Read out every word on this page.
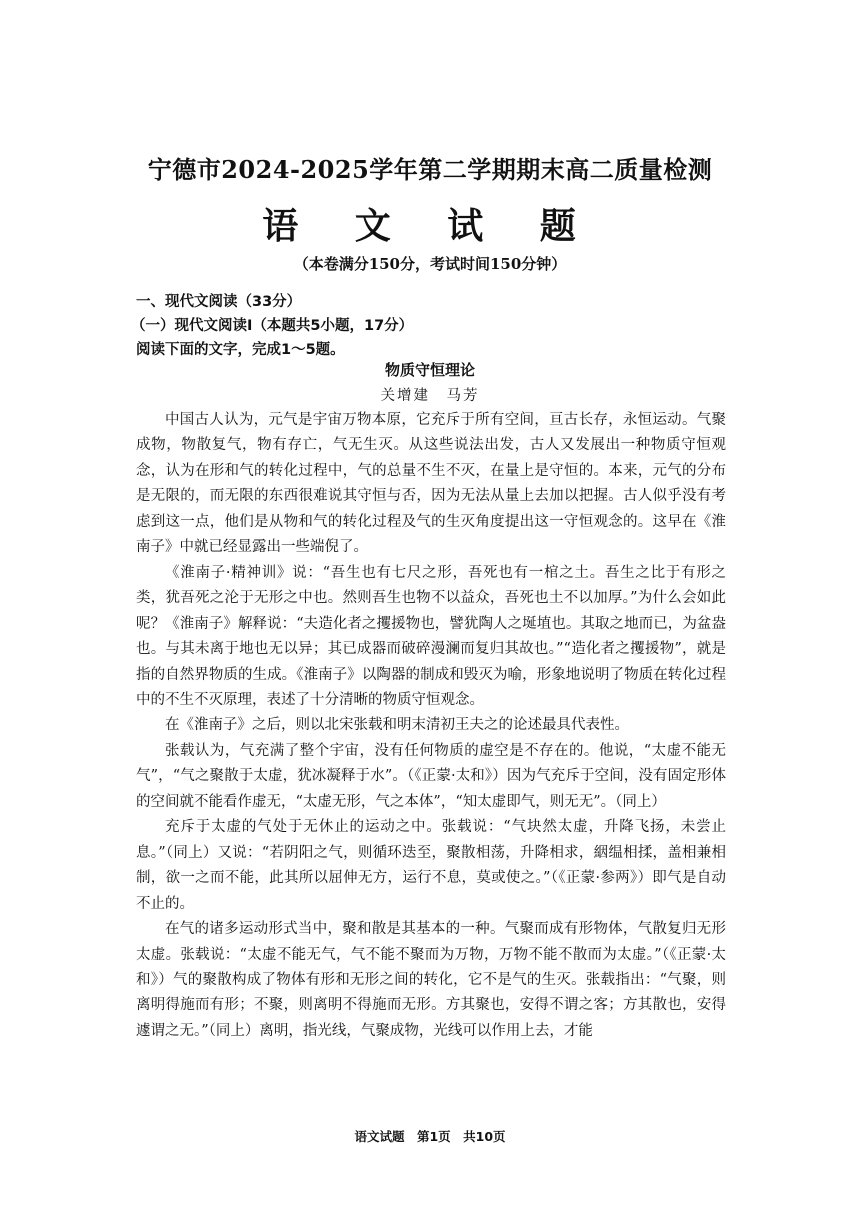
宁德市2024-2025学年第二学期期末高二质量检测
语 文 试 题
（本卷满分150分，考试时间150分钟）
一、现代文阅读（33分）
（一）现代文阅读Ⅰ（本题共5小题，17分）
阅读下面的文字，完成1～5题。
物质守恒理论
关增建　马芳

中国古人认为，元气是宇宙万物本原，它充斥于所有空间，亘古长存，永恒运动。气聚成物，物散复气，物有存亡，气无生灭。从这些说法出发，古人又发展出一种物质守恒观念，认为在形和气的转化过程中，气的总量不生不灭，在量上是守恒的。本来，元气的分布是无限的，而无限的东西很难说其守恒与否，因为无法从量上去加以把握。古人似乎没有考虑到这一点，他们是从物和气的转化过程及气的生灭角度提出这一守恒观念的。这早在《淮南子》中就已经显露出一些端倪了。

《淮南子·精神训》说：“吾生也有七尺之形，吾死也有一棺之土。吾生之比于有形之类，犹吾死之沦于无形之中也。然则吾生也物不以益众，吾死也土不以加厚。”为什么会如此呢？《淮南子》解释说：“夫造化者之攫援物也，譬犹陶人之埏埴也。其取之地而已，为盆盎也。与其未离于地也无以异；其已成器而破碎漫澜而复归其故也。”“造化者之攫援物”，就是指的自然界物质的生成。《淮南子》以陶器的制成和毁灭为喻，形象地说明了物质在转化过程中的不生不灭原理，表述了十分清晰的物质守恒观念。

在《淮南子》之后，则以北宋张载和明末清初王夫之的论述最具代表性。

张载认为，气充满了整个宇宙，没有任何物质的虚空是不存在的。他说，“太虚不能无气”，“气之聚散于太虚，犹冰凝释于水”。（《正蒙·太和》）因为气充斥于空间，没有固定形体的空间就不能看作虚无，“太虚无形，气之本体”，“知太虚即气，则无无”。（同上）

充斥于太虚的气处于无休止的运动之中。张载说：“气块然太虚，升降飞扬，未尝止息。”（同上）又说：“若阴阳之气，则循环迭至，聚散相荡，升降相求，絪缊相揉，盖相兼相制，欲一之而不能，此其所以屈伸无方，运行不息，莫或使之。”（《正蒙·参两》）即气是自动不止的。

在气的诸多运动形式当中，聚和散是其基本的一种。气聚而成有形物体，气散复归无形太虚。张载说：“太虚不能无气，气不能不聚而为万物，万物不能不散而为太虚。”（《正蒙·太和》）气的聚散构成了物体有形和无形之间的转化，它不是气的生灭。张载指出：“气聚，则离明得施而有形；不聚，则离明不得施而无形。方其聚也，安得不谓之客；方其散也，安得遽谓之无。”（同上）离明，指光线，气聚成物，光线可以作用上去，才能

语文试题　第1页　共10页
